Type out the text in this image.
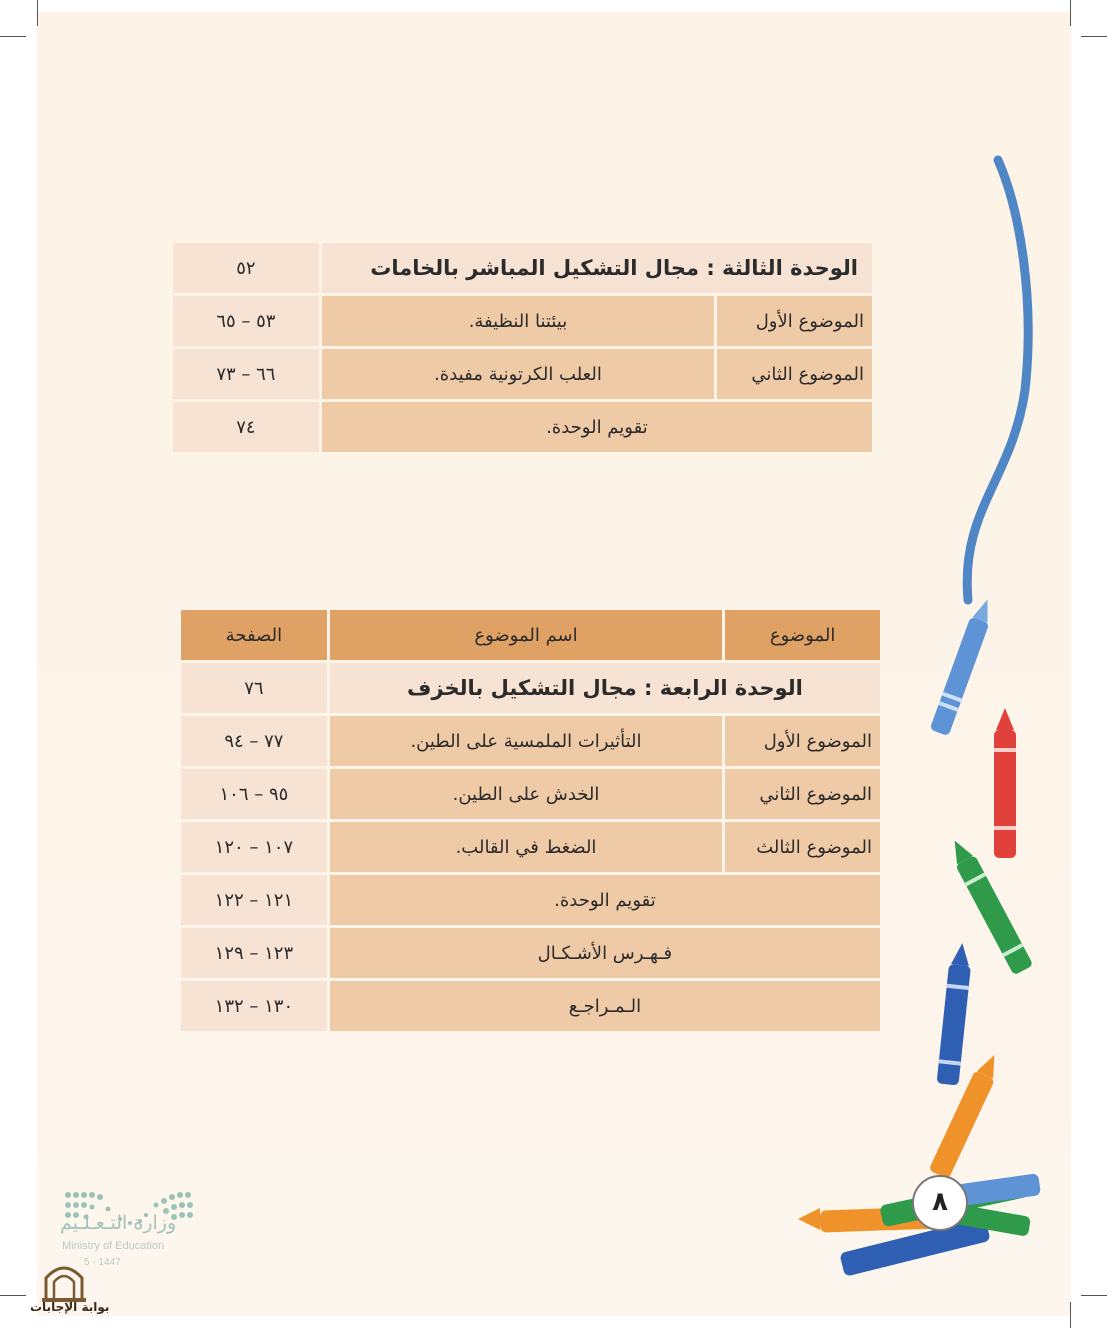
الوحدة الثالثة : مجال التشكيل المباشر بالخامات		٥٢
الموضوع الأول	بيئتنا النظيفة.	٥٣ – ٦٥
الموضوع الثاني	العلب الكرتونية مفيدة.	٦٦ – ٧٣
تقويم الوحدة.		٧٤
الموضوع	اسم الموضوع	الصفحة
الوحدة الرابعة : مجال التشكيل بالخزف		٧٦
الموضوع الأول	التأثيرات الملمسية على الطين.	٧٧ – ٩٤
الموضوع الثاني	الخدش على الطين.	٩٥ – ١٠٦
الموضوع الثالث	الضغط في القالب.	١٠٧ – ١٢٠
تقويم الوحدة.		١٢١ – ١٢٢
فـهـرس الأشـكـال		١٢٣ – ١٢٩
الـمـراجـع		١٣٠ – ١٣٢
٨
وزارة التـعـلـيم
Ministry of Education
5 - 1447
بوابة الإجابات
